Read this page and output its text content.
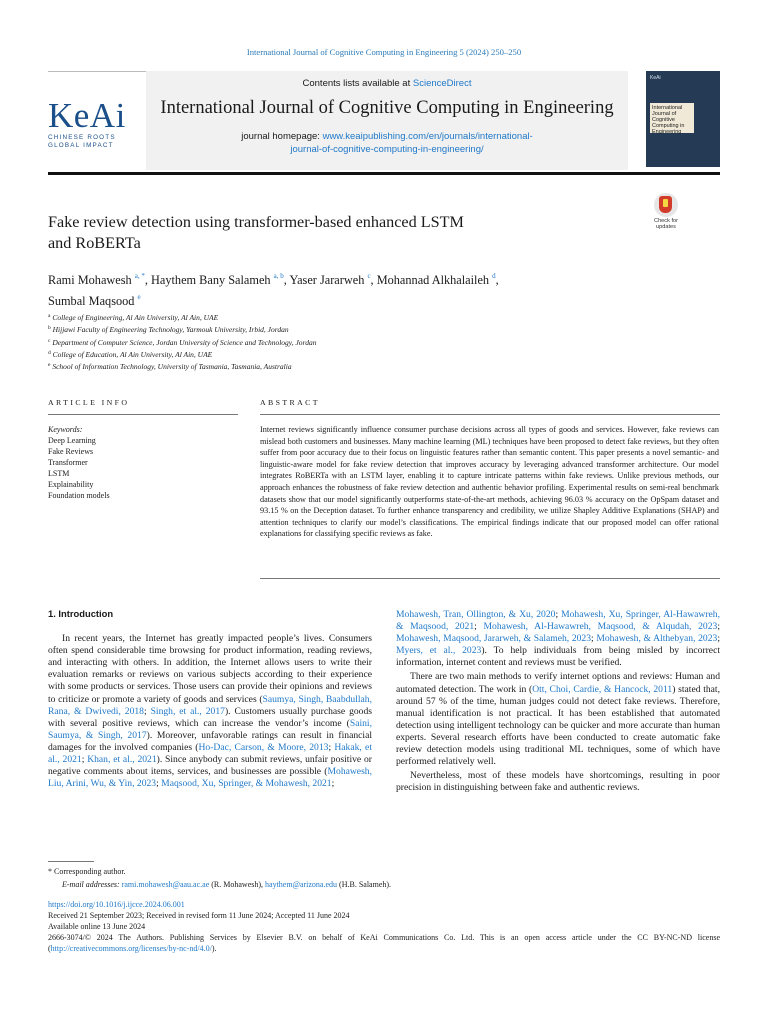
International Journal of Cognitive Computing in Engineering 5 (2024) 250–250
KeAi
CHINESE ROOTS
GLOBAL IMPACT
Contents lists available at ScienceDirect
International Journal of Cognitive Computing in Engineering
journal homepage: www.keaipublishing.com/en/journals/international-
journal-of-cognitive-computing-in-engineering/
KeAi
International Journal of
Cognitive
Computing in
Engineering
Fake review detection using transformer-based enhanced LSTM
and RoBERTa
Check for
updates
Rami Mohawesh $^{a, *}$, Haythem Bany Salameh $^{a, b}$, Yaser Jararweh $^c$, Mohannad Alkhalaileh $^d$,
Sumbal Maqsood $^e$
$^a$ College of Engineering, Al Ain University, Al Ain, UAE
$^b$ Hijjawi Faculty of Engineering Technology, Yarmouk University, Irbid, Jordan
$^c$ Department of Computer Science, Jordan University of Science and Technology, Jordan
$^d$ College of Education, Al Ain University, Al Ain, UAE
$^e$ School of Information Technology, University of Tasmania, Tasmania, Australia
ARTICLE INFO	ABSTRACT
Keywords:
Deep Learning
Fake Reviews
Transformer
LSTM
Explainability
Foundation models
Internet reviews significantly influence consumer purchase decisions across all types of goods and services. However, fake reviews can mislead both customers and businesses. Many machine learning (ML) techniques have been proposed to detect fake reviews, but they often suffer from poor accuracy due to their focus on linguistic features rather than semantic content. This paper presents a novel semantic- and linguistic-aware model for fake review detection that improves accuracy by leveraging advanced transformer architecture. Our model integrates RoBERTa with an LSTM layer, enabling it to capture intricate patterns within fake reviews. Unlike previous methods, our approach enhances the robustness of fake review detection and authentic behavior profiling. Experimental results on semi-real benchmark datasets show that our model significantly outperforms state-of-the-art methods, achieving 96.03 % accuracy on the OpSpam dataset and 93.15 % on the Deception dataset. To further enhance transparency and credibility, we utilize Shapley Additive Explanations (SHAP) and attention techniques to clarify our model’s classifications. The empirical findings indicate that our proposed model can offer rational explanations for classifying specific reviews as fake.
1. Introduction

In recent years, the Internet has greatly impacted people’s lives. Consumers often spend considerable time browsing for product information, reading reviews, and interacting with others. In addition, the Internet allows users to write their evaluation remarks or reviews on various subjects according to their experience with some products or services. Those users can provide their opinions and reviews to criticize or promote a variety of goods and services (Saumya, Singh, Baabdullah, Rana, & Dwivedi, 2018; Singh, et al., 2017). Customers usually purchase goods with several positive reviews, which can increase the vendor’s income (Saini, Saumya, & Singh, 2017). Moreover, unfavorable ratings can result in financial damages for the involved companies (Ho-Dac, Carson, & Moore, 2013; Hakak, et al., 2021; Khan, et al., 2021). Since anybody can submit reviews, unfair positive or negative comments about items, services, and businesses are possible (Mohawesh, Liu, Arini, Wu, & Yin, 2023; Maqsood, Xu, Springer, & Mohawesh, 2021;

Mohawesh, Tran, Ollington, & Xu, 2020; Mohawesh, Xu, Springer, Al-Hawawreh, & Maqsood, 2021; Mohawesh, Al-Hawawreh, Maqsood, & Alqudah, 2023; Mohawesh, Maqsood, Jararweh, & Salameh, 2023; Mohawesh, & Althebyan, 2023; Myers, et al., 2023). To help individuals from being misled by incorrect information, internet content and reviews must be verified.

There are two main methods to verify internet options and reviews: Human and automated detection. The work in (Ott, Choi, Cardie, & Hancock, 2011) stated that, around 57 % of the time, human judges could not detect fake reviews. Therefore, manual identification is not practical. It has been established that automated detection using intelligent technology can be quicker and more accurate than human experts. Several research efforts have been conducted to create automatic fake review detection models using traditional ML techniques, some of which have performed relatively well.

Nevertheless, most of these models have shortcomings, resulting in poor precision in distinguishing between fake and authentic reviews.

* Corresponding author.
E-mail addresses: rami.mohawesh@aau.ac.ae (R. Mohawesh), haythem@arizona.edu (H.B. Salameh).
https://doi.org/10.1016/j.ijcce.2024.06.001
Received 21 September 2023; Received in revised form 11 June 2024; Accepted 11 June 2024
Available online 13 June 2024
2666-3074/© 2024 The Authors. Publishing Services by Elsevier B.V. on behalf of KeAi Communications Co. Ltd. This is an open access article under the CC BY-NC-ND license (http://creativecommons.org/licenses/by-nc-nd/4.0/).
